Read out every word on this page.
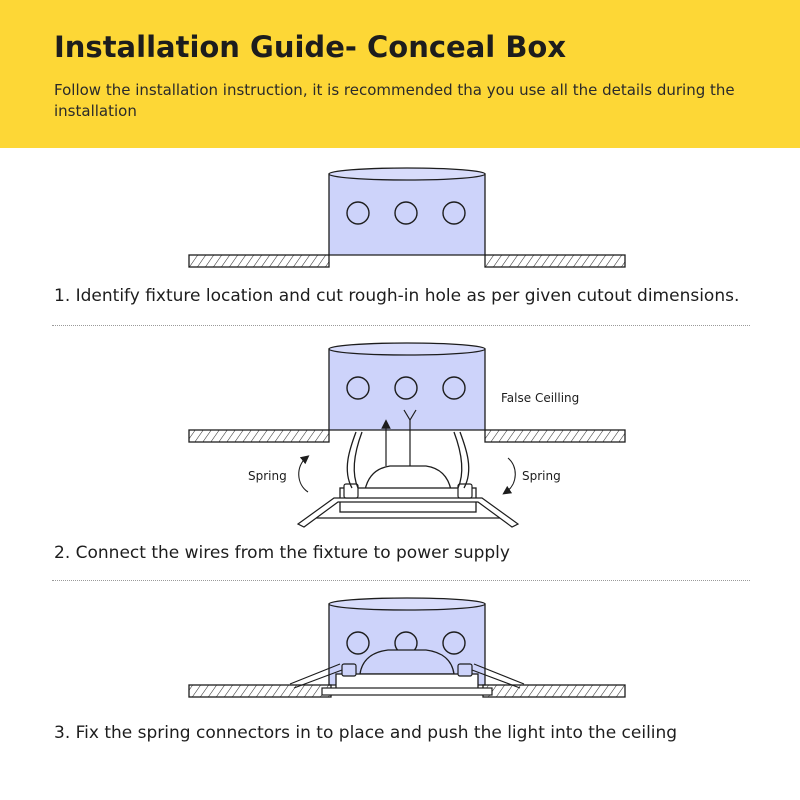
Installation Guide- Conceal Box
Follow the installation instruction, it is recommended tha you use all the details during the installation
1. Identify fixture location and cut rough-in hole as per given cutout dimensions.
Spring	Spring
False Ceilling
2. Connect the wires from the fixture to power supply
3. Fix the spring connectors in to place and push the light into the ceiling
